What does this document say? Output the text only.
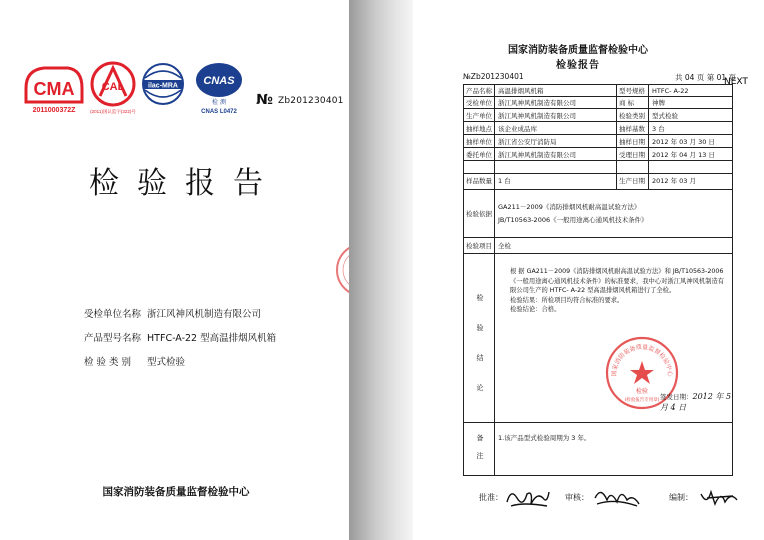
CMA
2011000372Z
CAL
(2011)国认监字(322)号
ilac-MRA CNAS
检 测
CNAS L0472
№ Zb201230401
检验报告
受检单位名称 浙江风神风机制造有限公司
产品型号名称 HTFC-A-22 型高温排烟风机箱
检 验 类 别 型式检验
国家消防装备质量监督检验中心
国家消防装备质量监督检验中心
检验报告
№Zb201230401	共 04 页 第 01 页
NEXT
产品名称 高温排烟风机箱	型号规格 HTFC- A-22
受检单位 浙江风神风机制造有限公司	商 标	神牌
生产单位 浙江风神风机制造有限公司	检验类别 型式检验
抽样地点 该企业成品库	抽样基数 3 台
抽样单位 浙江省公安厅消防局	抽样日期 2012 年 03 月 30 日
委托单位 浙江风神风机制造有限公司	受理日期 2012 年 04 月 13 日
样品数量 1 台	生产日期 2012 年 03 月
检验依据
GA211－2009《消防排烟风机耐高温试验方法》
JB/T10563-2006《一般用途离心通风机技术条件》
检验项目 全检
检
验
结
论
根 据 GA211－2009《消防排烟风机耐高温试验方法》和 JB/T10563-2006《一般用途离心通风机技术条件》的标准要求，我中心对浙江风神风机制造有限公司生产的 HTFC- A-22 型高温排烟风机箱进行了全检。
检验结果：所检项目均符合标准的要求。
检验结论：合格。
国家消防装备质量监督检验中心
检验
(检验报告专用章) 签发日期：2012 年 5 月 4 日
备
注
1.该产品型式检验周期为 3 年。
批准：	审核：	编制：
